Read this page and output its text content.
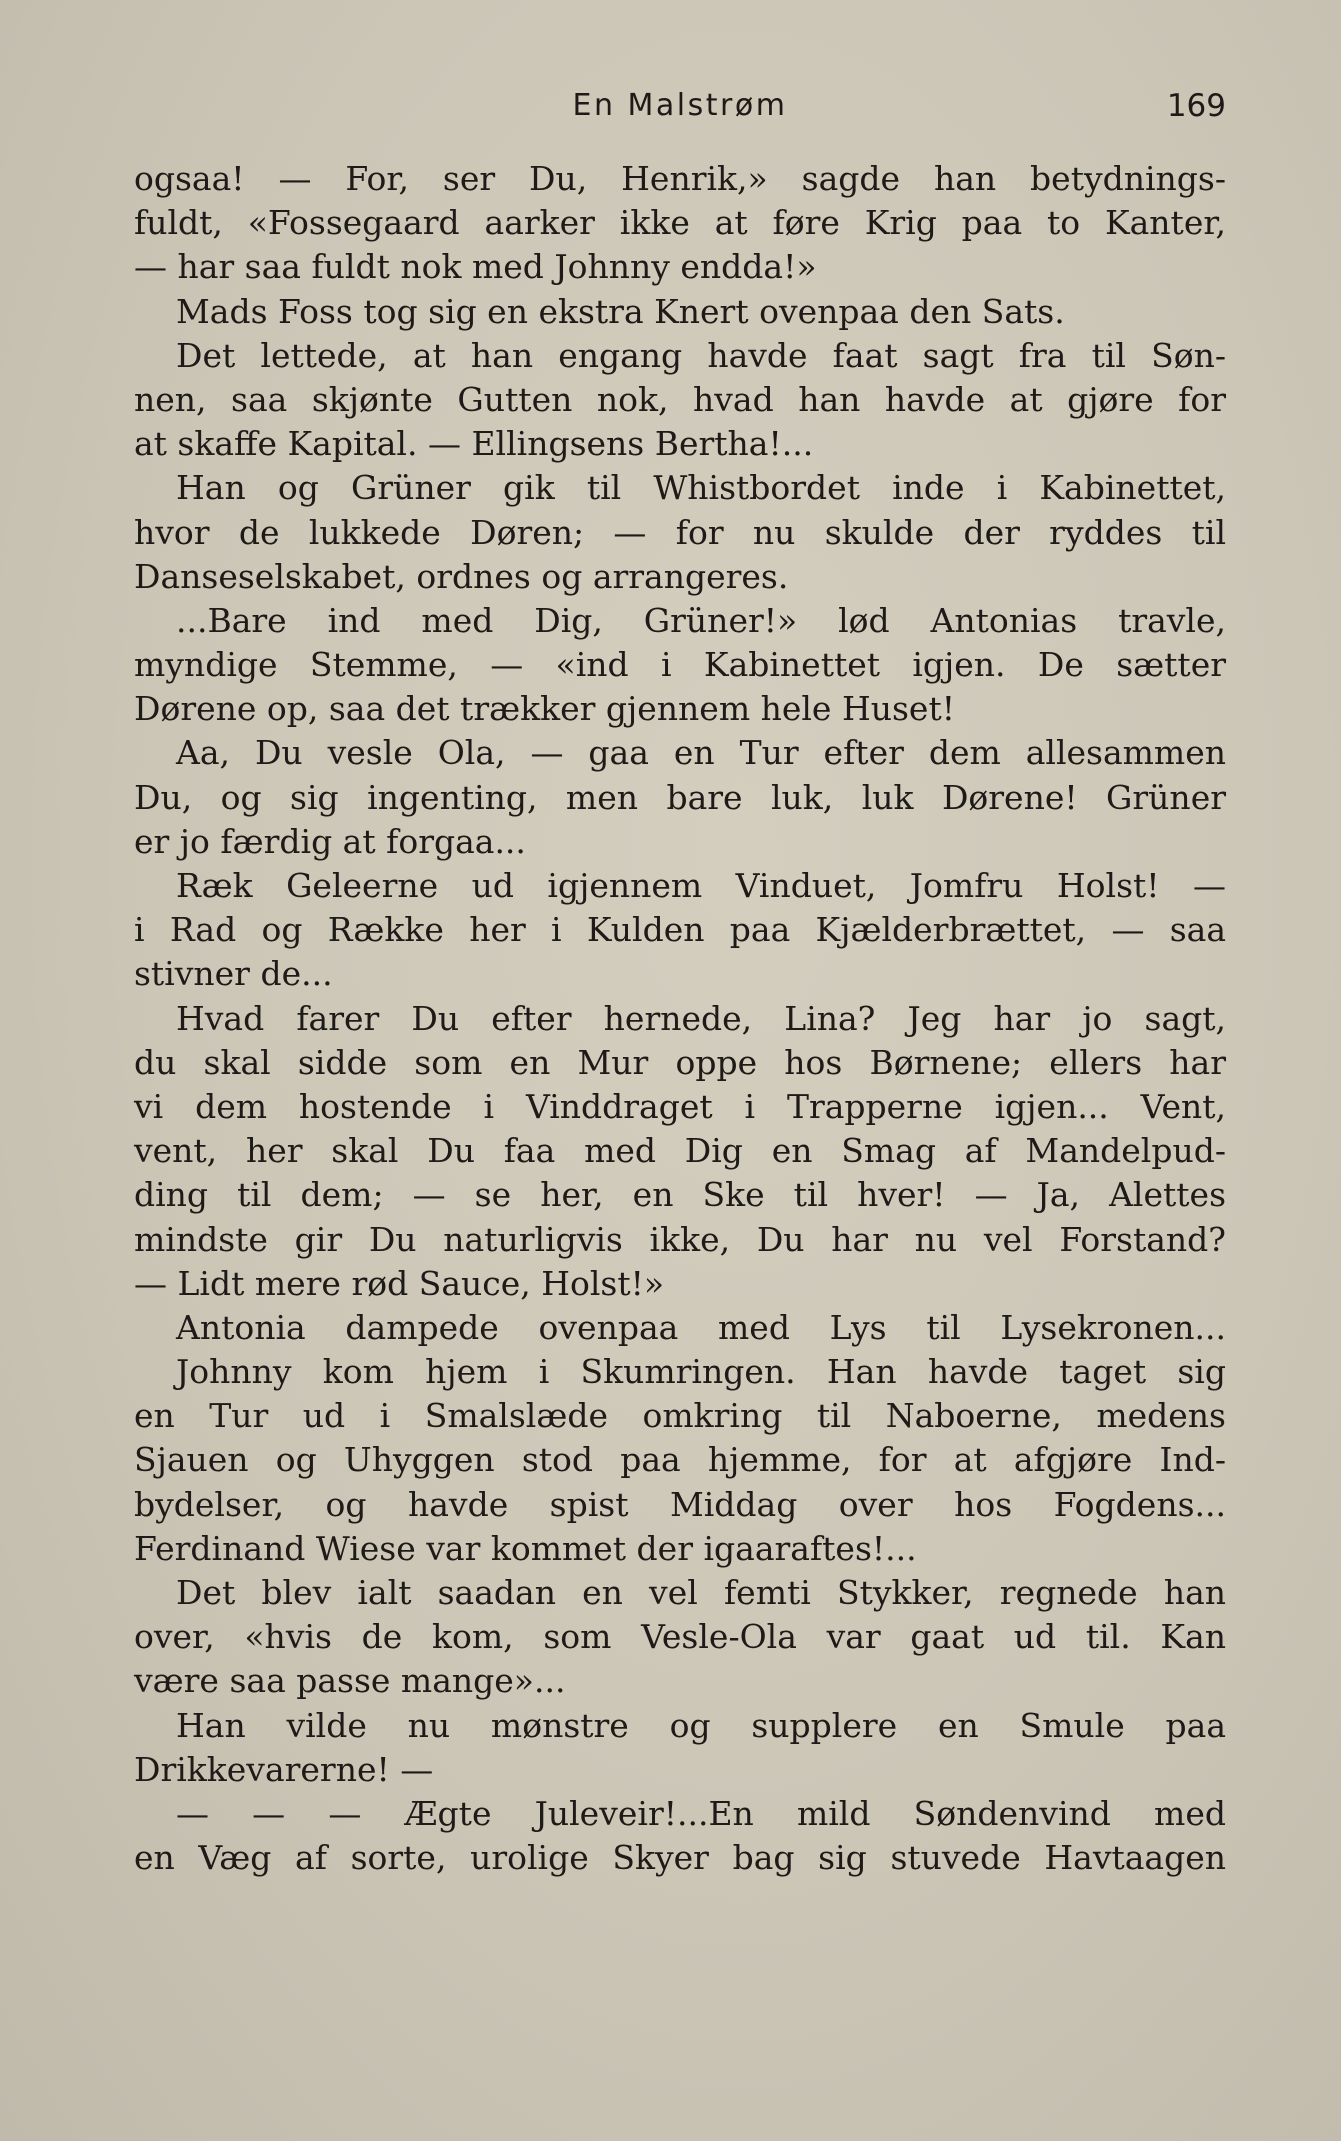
En Malstrøm	169
ogsaa! — For, ser Du, Henrik,» sagde han betydnings-
fuldt, «Fossegaard aarker ikke at føre Krig paa to Kanter,
— har saa fuldt nok med Johnny endda!»
Mads Foss tog sig en ekstra Knert ovenpaa den Sats.
Det lettede, at han engang havde faat sagt fra til Søn-
nen, saa skjønte Gutten nok, hvad han havde at gjøre for
at skaffe Kapital. — Ellingsens Bertha!...
Han og Grüner gik til Whistbordet inde i Kabinettet,
hvor de lukkede Døren; — for nu skulde der ryddes til
Danseselskabet, ordnes og arrangeres.
...Bare ind med Dig, Grüner!» lød Antonias travle,
myndige Stemme, — «ind i Kabinettet igjen. De sætter
Dørene op, saa det trækker gjennem hele Huset!
Aa, Du vesle Ola, — gaa en Tur efter dem allesammen
Du, og sig ingenting, men bare luk, luk Dørene! Grüner
er jo færdig at forgaa...
Ræk Geleerne ud igjennem Vinduet, Jomfru Holst! —
i Rad og Række her i Kulden paa Kjælderbrættet, — saa
stivner de...
Hvad farer Du efter hernede, Lina? Jeg har jo sagt,
du skal sidde som en Mur oppe hos Børnene; ellers har
vi dem hostende i Vinddraget i Trapperne igjen... Vent,
vent, her skal Du faa med Dig en Smag af Mandelpud-
ding til dem; — se her, en Ske til hver! — Ja, Alettes
mindste gir Du naturligvis ikke, Du har nu vel Forstand?
— Lidt mere rød Sauce, Holst!»
Antonia dampede ovenpaa med Lys til Lysekronen...
Johnny kom hjem i Skumringen. Han havde taget sig
en Tur ud i Smalslæde omkring til Naboerne, medens
Sjauen og Uhyggen stod paa hjemme, for at afgjøre Ind-
bydelser, og havde spist Middag over hos Fogdens...
Ferdinand Wiese var kommet der igaaraftes!...
Det blev ialt saadan en vel femti Stykker, regnede han
over, «hvis de kom, som Vesle-Ola var gaat ud til. Kan
være saa passe mange»...
Han vilde nu mønstre og supplere en Smule paa
Drikkevarerne! —
— — — Ægte Juleveir!...En mild Søndenvind med
en Væg af sorte, urolige Skyer bag sig stuvede Havtaagen
